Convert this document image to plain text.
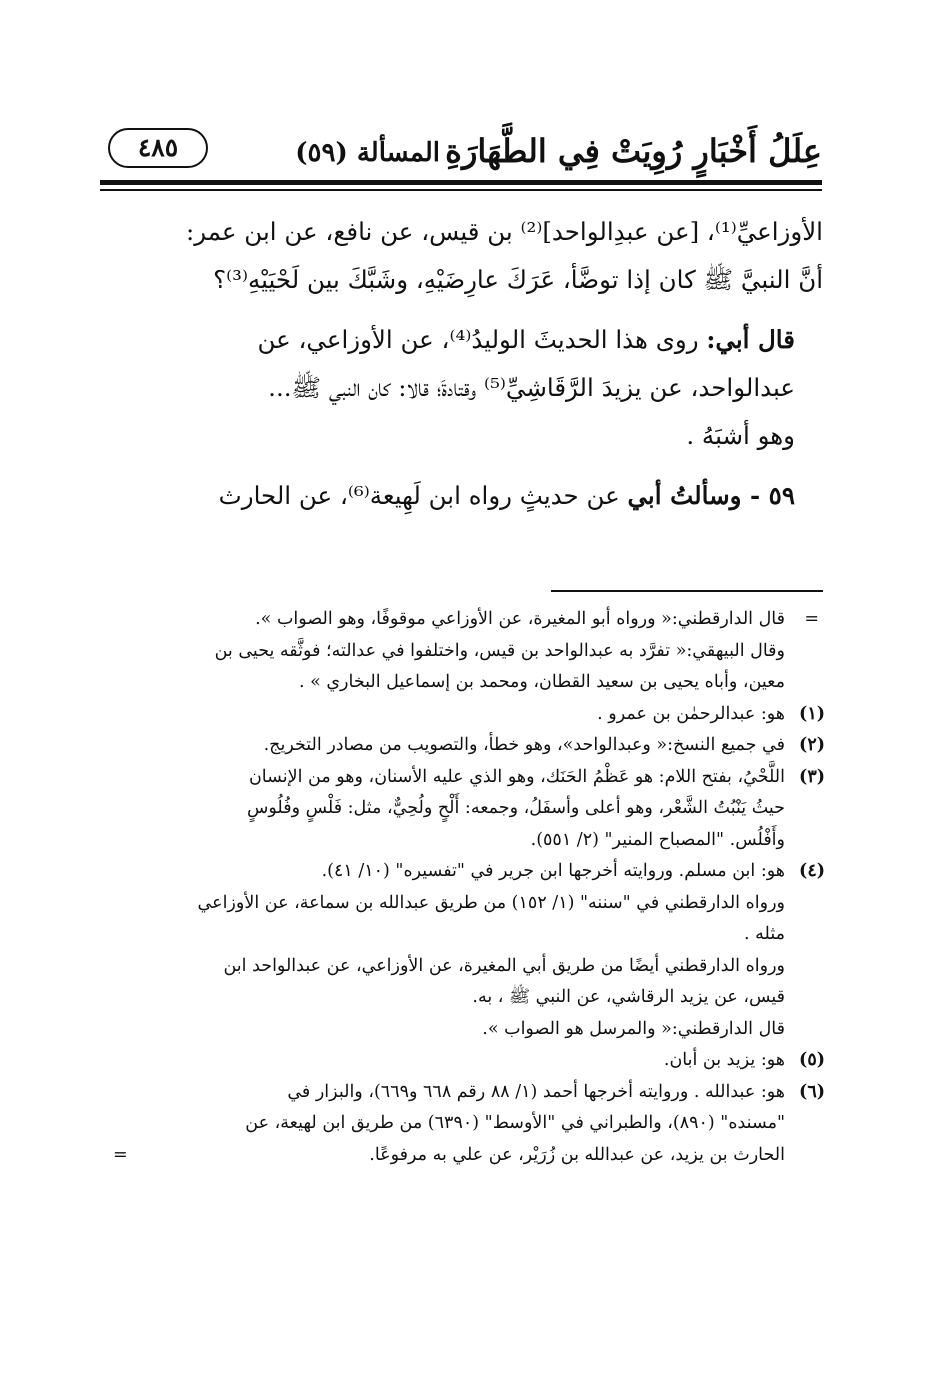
عِلَلُ أَخْبَارٍ رُوِيَتْ فِي الطَّهَارَةِ
المسألة (٥٩)
٤٨٥

الأوزاعيِّ⁽¹⁾، [عن عبدِالواحد]⁽²⁾ بن قيس، عن نافع، عن ابن عمر:
أنَّ النبيَّ ﷺ كان إذا توضَّأ، عَرَكَ عارِضَيْهِ، وشَبَّكَ بين لَحْيَيْهِ⁽³⁾؟

قال أبي: روى هذا الحديثَ الوليدُ⁽⁴⁾، عن الأوزاعي، عن
عبدالواحد، عن يزيدَ الرَّقَاشِيِّ⁽⁵⁾ وقتادةَ؛ قالا: كان النبي ﷺ...
وهو أشبَهُ .

٥٩ - وسألتُ أبي عن حديثٍ رواه ابن لَهِيعة⁽⁶⁾، عن الحارث

=
قال الدارقطني:« ورواه أبو المغيرة، عن الأوزاعي موقوفًا، وهو الصواب ».
وقال البيهقي:« تفرَّد به عبدالواحد بن قيس، واختلفوا في عدالته؛ فوثَّقه يحيى بن
معين، وأباه يحيى بن سعيد القطان، ومحمد بن إسماعيل البخاري » .
(١)
هو: عبدالرحمٰن بن عمرو .
(٢)
في جميع النسخ:« وعبدالواحد»، وهو خطأ، والتصويب من مصادر التخريج.
(٣)
اللَّحْيُ، بفتح اللام: هو عَظْمُ الحَنَك، وهو الذي عليه الأسنان، وهو من الإنسان
حيثُ يَنْبُتُ الشَّعْر، وهو أعلى وأسفَلُ، وجمعه: أَلْحٍ ولُحِيٌّ، مثل: فَلْسٍ وفُلُوسٍ
وأَفْلُس. "المصباح المنير" (٢/ ٥٥١).
(٤)
هو: ابن مسلم. وروايته أخرجها ابن جرير في "تفسيره" (١٠/ ٤١).
ورواه الدارقطني في "سننه" (١/ ١٥٢) من طريق عبدالله بن سماعة، عن الأوزاعي
مثله .
ورواه الدارقطني أيضًا من طريق أبي المغيرة، عن الأوزاعي، عن عبدالواحد ابن
قيس، عن يزيد الرقاشي، عن النبي ﷺ ، به.
قال الدارقطني:« والمرسل هو الصواب ».
(٥)
هو: يزيد بن أبان.
(٦)
هو: عبدالله . وروايته أخرجها أحمد (١/ ٨٨ رقم ٦٦٨ و٦٦٩)، والبزار في
"مسنده" (٨٩٠)، والطبراني في "الأوسط" (٦٣٩٠) من طريق ابن لهيعة، عن
الحارث بن يزيد، عن عبدالله بن زُرَيْر، عن علي به مرفوعًا.
=
